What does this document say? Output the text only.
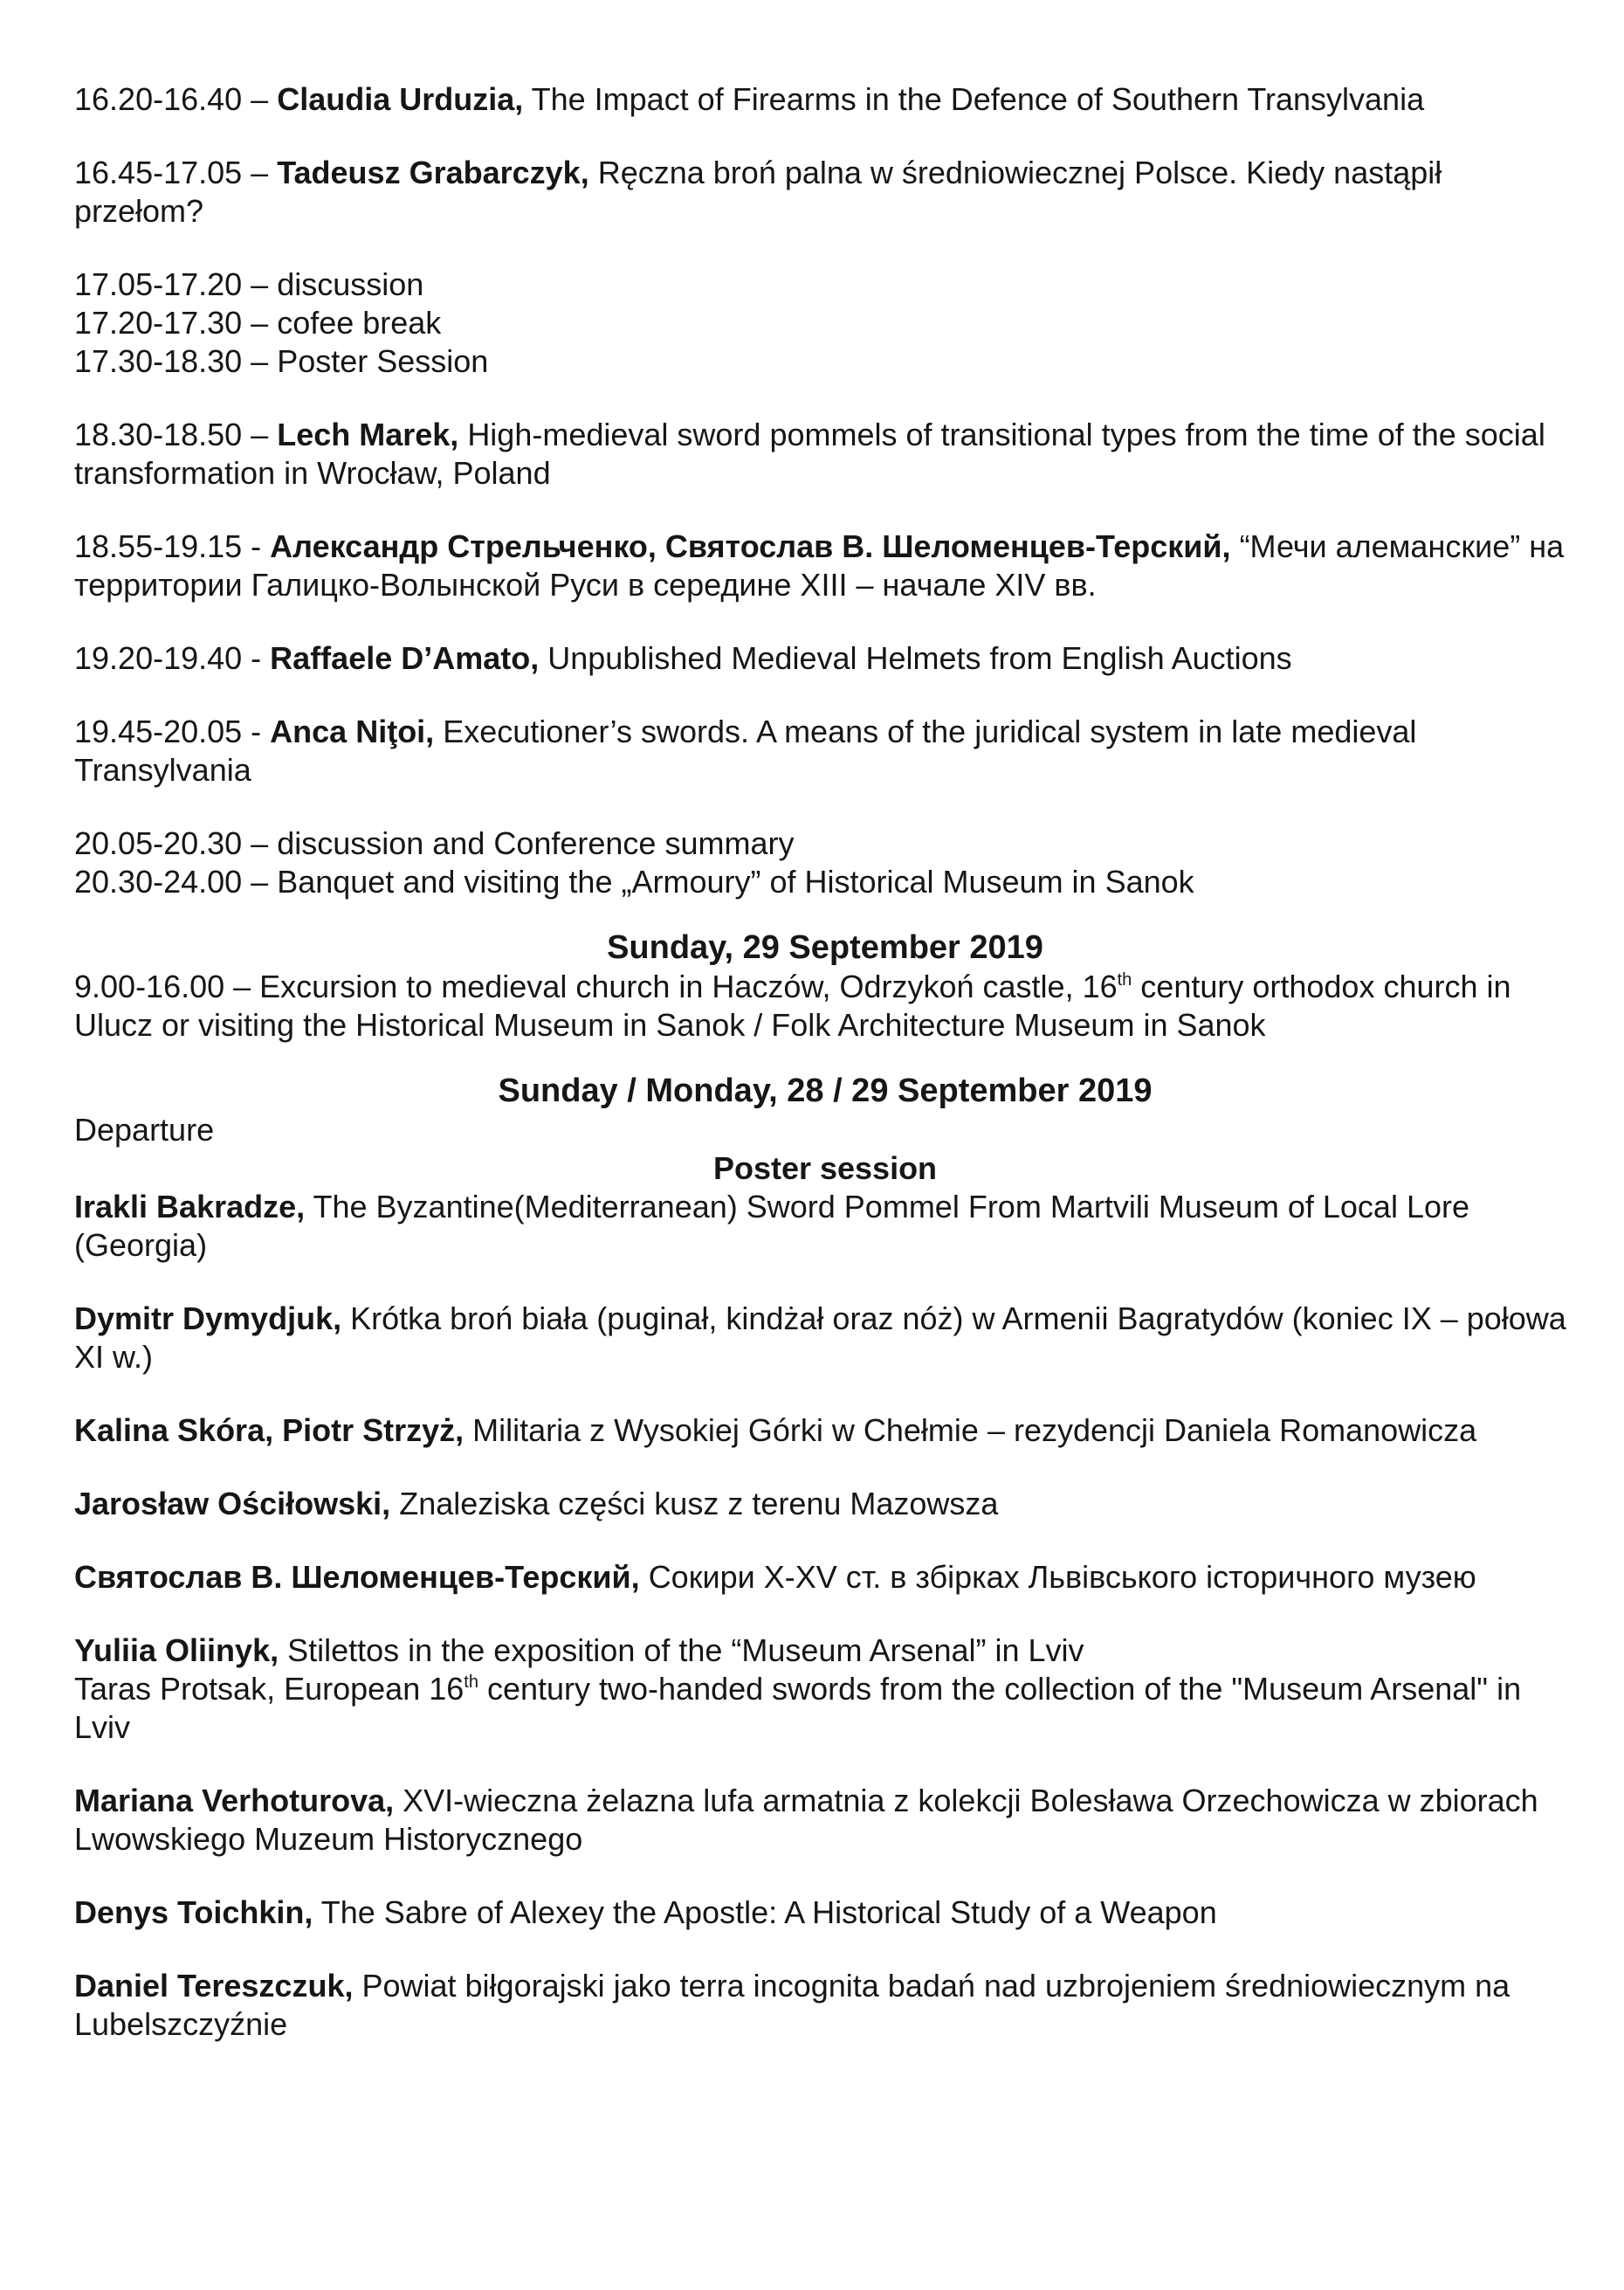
16.20-16.40 – Claudia Urduzia, The Impact of Firearms in the Defence of Southern Transylvania

16.45-17.05 – Tadeusz Grabarczyk, Ręczna broń palna w średniowiecznej Polsce. Kiedy nastąpił przełom?

17.05-17.20 – discussion

17.20-17.30 – cofee break

17.30-18.30 – Poster Session

18.30-18.50 – Lech Marek, High-medieval sword pommels of transitional types from the time of the social transformation in Wrocław, Poland

18.55-19.15 - Александр Стрельченко, Святослав В. Шеломенцев-Терский, “Мечи алеманские” на территории Галицко-Волынской Руси в середине XIII – начале XIV вв.

19.20-19.40 - Raffaele D’Amato, Unpublished Medieval Helmets from English Auctions

19.45-20.05 - Anca Niţoi, Executioner’s swords. A means of the juridical system in late medieval Transylvania

20.05-20.30 – discussion and Conference summary

20.30-24.00 – Banquet and visiting the „Armoury” of Historical Museum in Sanok

Sunday, 29 September 2019

9.00-16.00 – Excursion to medieval church in Haczów, Odrzykoń castle, 16th century orthodox church in Ulucz or visiting the Historical Museum in Sanok / Folk Architecture Museum in Sanok

Sunday / Monday, 28 / 29 September 2019

Departure

Poster session

Irakli Bakradze, The Byzantine(Mediterranean) Sword Pommel From Martvili Museum of Local Lore (Georgia)

Dymitr Dymydjuk, Krótka broń biała (puginał, kindżał oraz nóż) w Armenii Bagratydów (koniec IX – połowa XI w.)

Kalina Skóra, Piotr Strzyż, Militaria z Wysokiej Górki w Chełmie – rezydencji Daniela Romanowicza

Jarosław Ościłowski, Znaleziska części kusz z terenu Mazowsza

Святослав В. Шеломенцев-Терский, Сокири X-XV ст. в збірках Львівського історичного музею

Yuliia Oliinyk, Stilettos in the exposition of the “Museum Arsenal” in Lviv

Taras Protsak, European 16th century two-handed swords from the collection of the "Museum Arsenal" in Lviv

Mariana Verhoturova, XVI-wieczna żelazna lufa armatnia z kolekcji Bolesława Orzechowicza w zbiorach Lwowskiego Muzeum Historycznego

Denys Toichkin, The Sabre of Alexey the Apostle: A Historical Study of a Weapon

Daniel Tereszczuk, Powiat biłgorajski jako terra incognita badań nad uzbrojeniem średniowiecznym na Lubelszczyźnie
